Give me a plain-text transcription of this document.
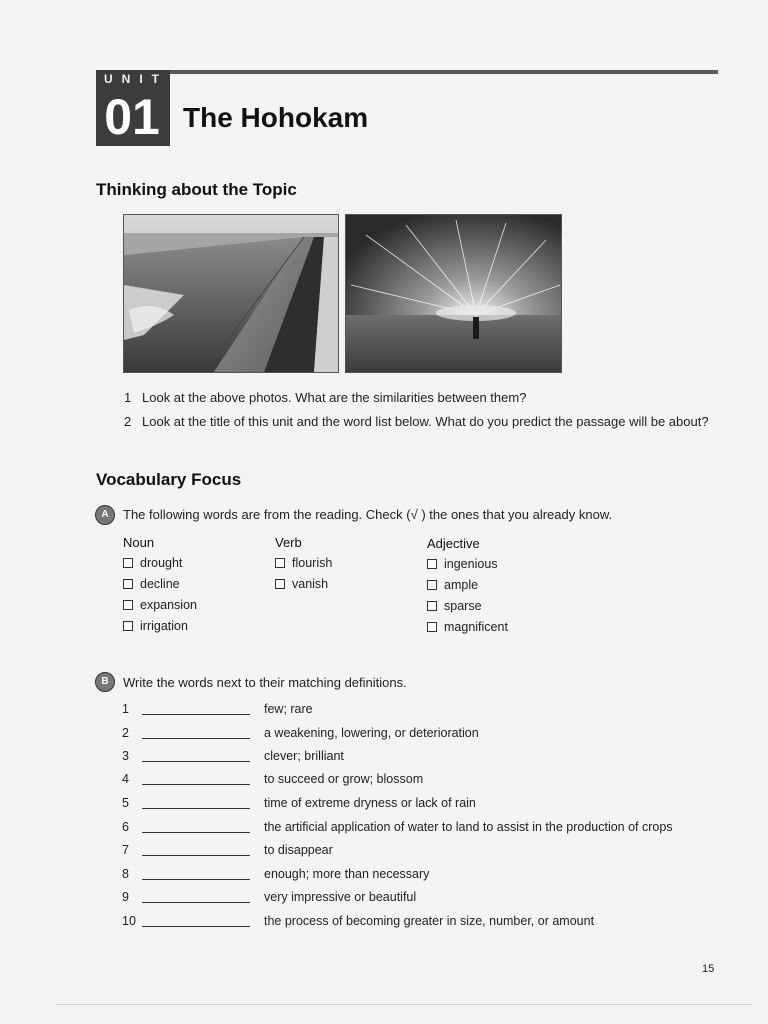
UNIT
01 The Hohokam
Thinking about the Topic
1 Look at the above photos. What are the similarities between them?
2 Look at the title of this unit and the word list below. What do you predict the passage will be about?
Vocabulary Focus
A	The following words are from the reading. Check (√ ) the ones that you already know.
Noun
drought
decline
expansion
irrigation
Verb
flourish
vanish
Adjective
ingenious
ample
sparse
magnificent
B	Write the words next to their matching definitions.
1	few; rare
2	a weakening, lowering, or deterioration
3	clever; brilliant
4	to succeed or grow; blossom
5	time of extreme dryness or lack of rain
6	the artificial application of water to land to assist in the production of crops
7	to disappear
8	enough; more than necessary
9	very impressive or beautiful
10	the process of becoming greater in size, number, or amount
15
